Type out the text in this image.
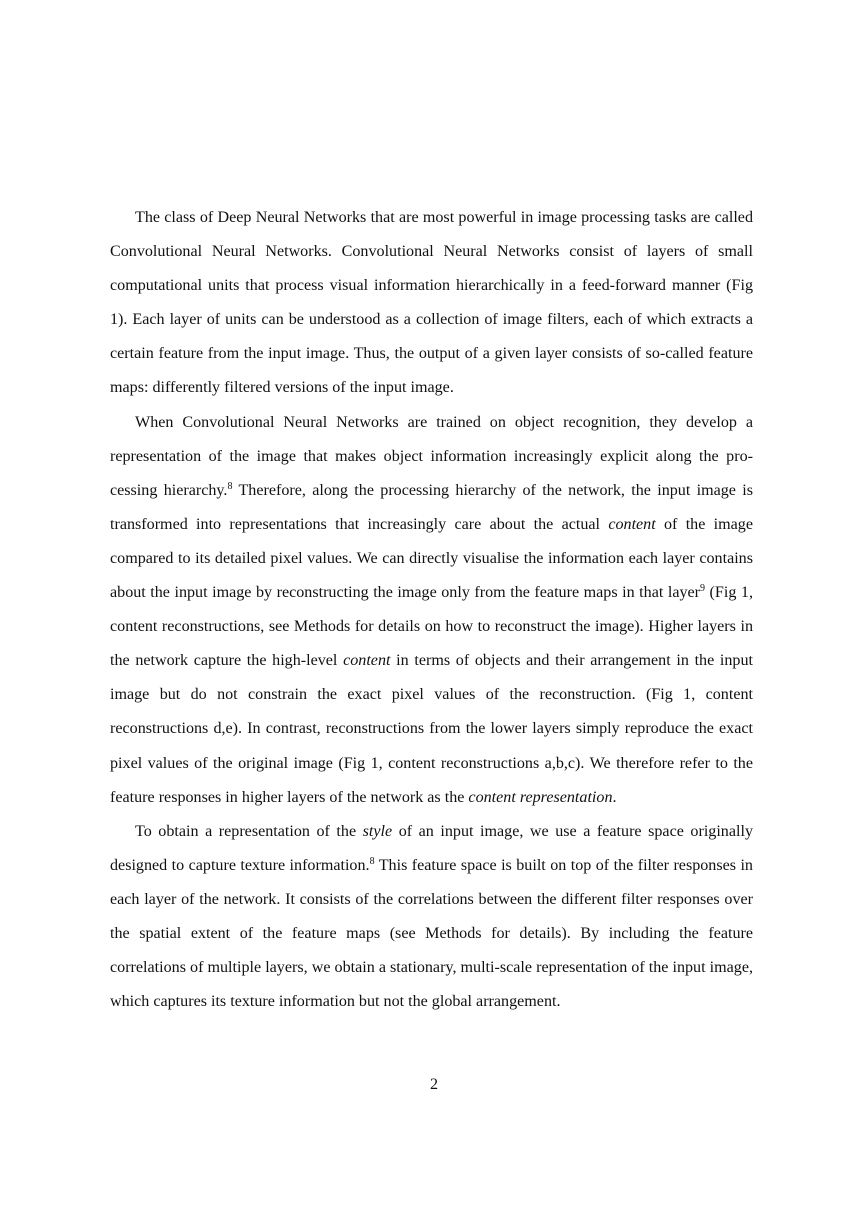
The class of Deep Neural Networks that are most powerful in image processing tasks are called Convolutional Neural Networks. Convolutional Neural Networks consist of layers of small computational units that process visual information hierarchically in a feed-forward manner (Fig 1). Each layer of units can be understood as a collection of image filters, each of which extracts a certain feature from the input image. Thus, the output of a given layer consists of so-called feature maps: differently filtered versions of the input image.

When Convolutional Neural Networks are trained on object recognition, they develop a representation of the image that makes object information increasingly explicit along the processing hierarchy.$^8$ Therefore, along the processing hierarchy of the network, the input image is transformed into representations that increasingly care about the actual content of the image compared to its detailed pixel values. We can directly visualise the information each layer contains about the input image by reconstructing the image only from the feature maps in that layer$^9$ (Fig 1, content reconstructions, see Methods for details on how to reconstruct the image). Higher layers in the network capture the high-level content in terms of objects and their arrangement in the input image but do not constrain the exact pixel values of the reconstruction. (Fig 1, content reconstructions d,e). In contrast, reconstructions from the lower layers simply reproduce the exact pixel values of the original image (Fig 1, content reconstructions a,b,c). We therefore refer to the feature responses in higher layers of the network as the content representation.

To obtain a representation of the style of an input image, we use a feature space originally designed to capture texture information.$^8$ This feature space is built on top of the filter responses in each layer of the network. It consists of the correlations between the different filter responses over the spatial extent of the feature maps (see Methods for details). By including the feature correlations of multiple layers, we obtain a stationary, multi-scale representation of the input image, which captures its texture information but not the global arrangement.

2
